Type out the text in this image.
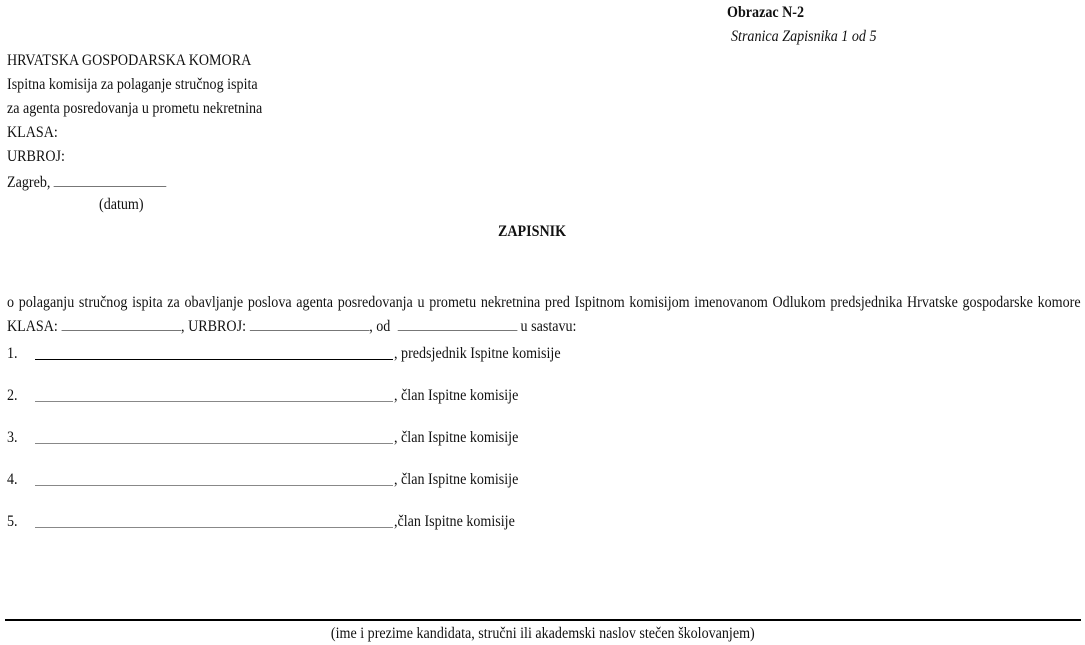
Obrazac N-2
Stranica Zapisnika 1 od 5
HRVATSKA GOSPODARSKA KOMORA
Ispitna komisija za polaganje stručnog ispita
za agenta posredovanja u prometu nekretnina
KLASA:
URBROJ:
Zagreb,
(datum)
ZAPISNIK
o polaganju stručnog ispita za obavljanje poslova agenta posredovanja u prometu nekretnina pred Ispitnom komisijom imenovanom Odlukom predsjednika Hrvatske gospodarske komore KLASA:	, URBROJ:	, od	u sastavu:
1.	, predsjednik Ispitne komisije
2.	, član Ispitne komisije
3.	, član Ispitne komisije
4.	, član Ispitne komisije
5.	,član Ispitne komisije
(ime i prezime kandidata, stručni ili akademski naslov stečen školovanjem)
